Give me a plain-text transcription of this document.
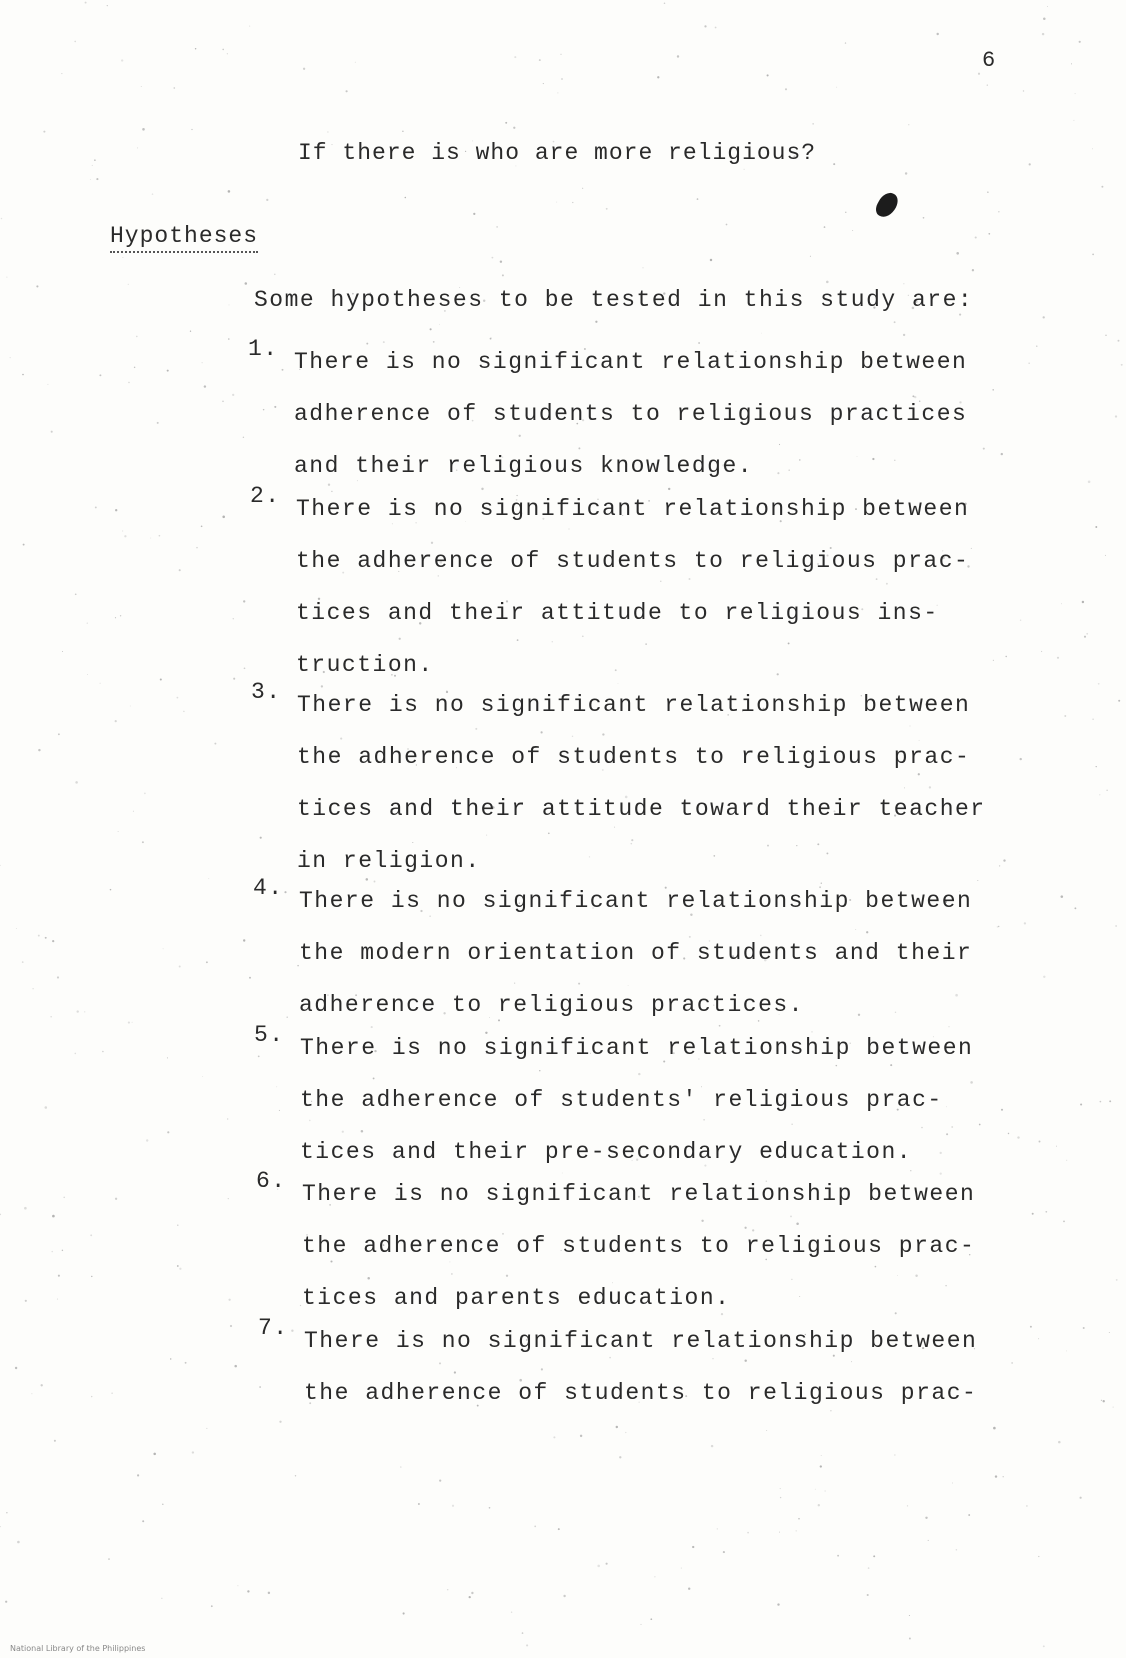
6
If there is who are more religious?
Hypotheses
Some hypotheses to be tested in this study are:
1. There is no significant relationship between
adherence of students to religious practices
and their religious knowledge.
2. There is no significant relationship between
the adherence of students to religious prac-
tices and their attitude to religious ins-
truction.
3. There is no significant relationship between
the adherence of students to religious prac-
tices and their attitude toward their teacher
in religion.
4. There is no significant relationship between
the modern orientation of students and their
adherence to religious practices.
5. There is no significant relationship between
the adherence of students' religious prac-
tices and their pre-secondary education.
6. There is no significant relationship between
the adherence of students to religious prac-
tices and parents education.
7. There is no significant relationship between
the adherence of students to religious prac-
National Library of the Philippines
